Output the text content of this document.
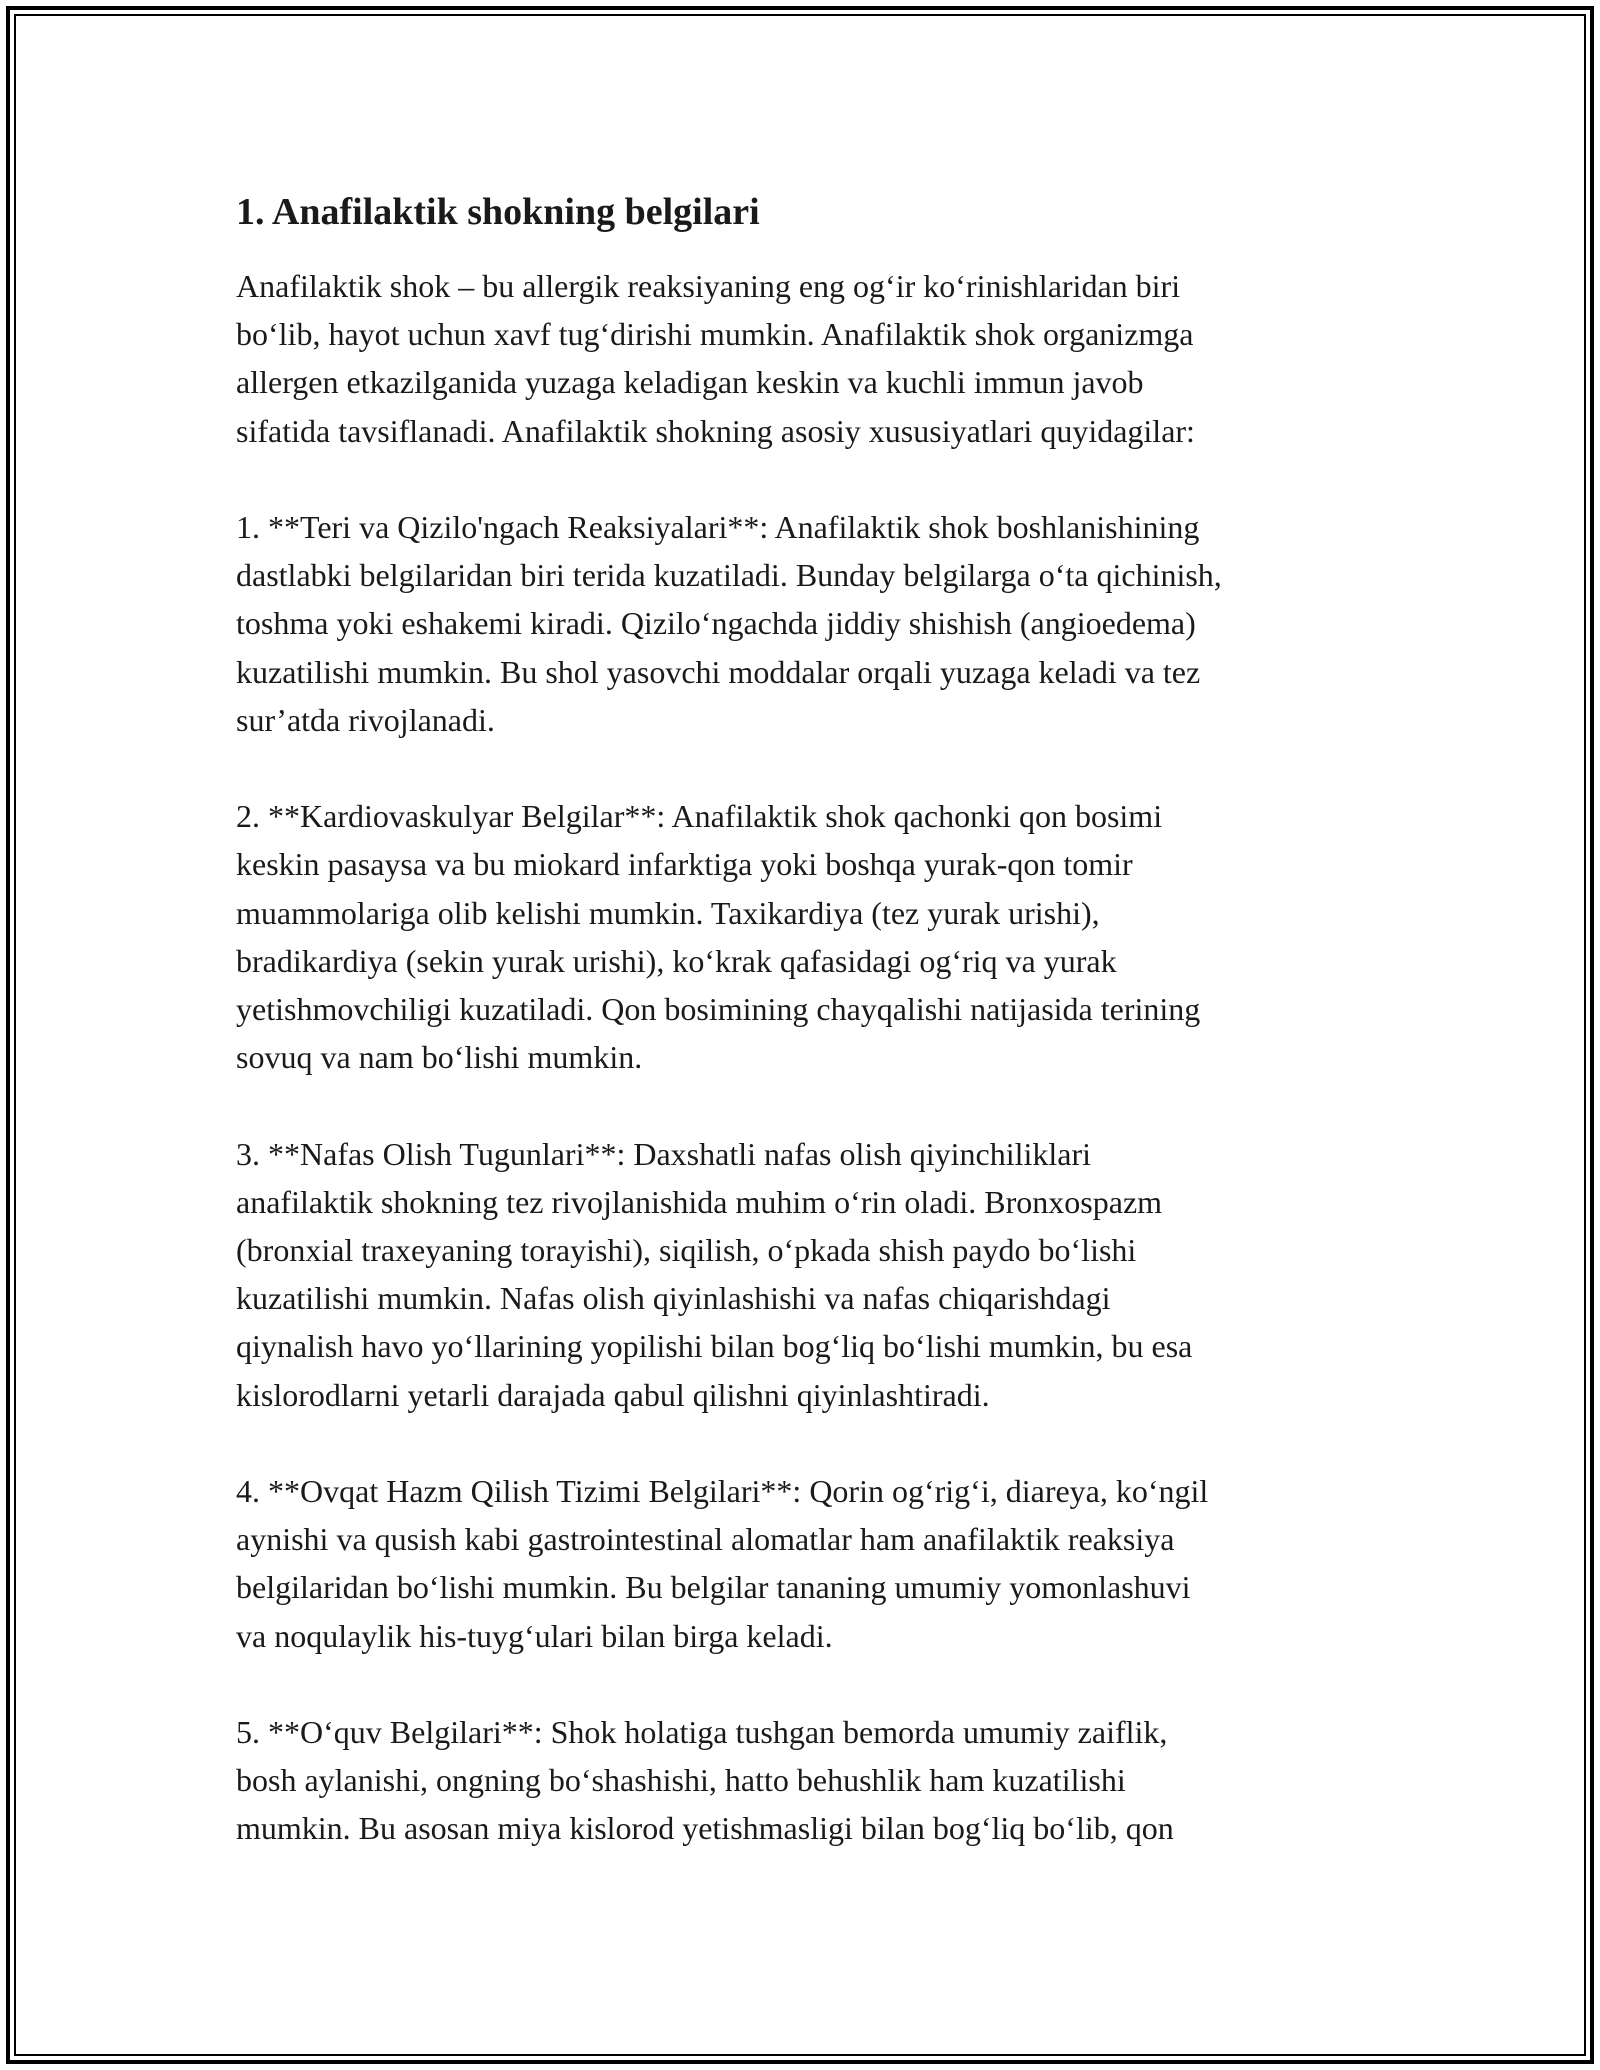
1. Anafilaktik shokning belgilari

Anafilaktik shok – bu allergik reaksiyaning eng og‘ir ko‘rinishlaridan biri
bo‘lib, hayot uchun xavf tug‘dirishi mumkin. Anafilaktik shok organizmga
allergen etkazilganida yuzaga keladigan keskin va kuchli immun javob
sifatida tavsiflanadi. Anafilaktik shokning asosiy xususiyatlari quyidagilar:

1. **Teri va Qizilo'ngach Reaksiyalari**: Anafilaktik shok boshlanishining
dastlabki belgilaridan biri terida kuzatiladi. Bunday belgilarga o‘ta qichinish,
toshma yoki eshakemi kiradi. Qizilo‘ngachda jiddiy shishish (angioedema)
kuzatilishi mumkin. Bu shol yasovchi moddalar orqali yuzaga keladi va tez
sur’atda rivojlanadi.

2. **Kardiovaskulyar Belgilar**: Anafilaktik shok qachonki qon bosimi
keskin pasaysa va bu miokard infarktiga yoki boshqa yurak-qon tomir
muammolariga olib kelishi mumkin. Taxikardiya (tez yurak urishi),
bradikardiya (sekin yurak urishi), ko‘krak qafasidagi og‘riq va yurak
yetishmovchiligi kuzatiladi. Qon bosimining chayqalishi natijasida terining
sovuq va nam bo‘lishi mumkin.

3. **Nafas Olish Tugunlari**: Daxshatli nafas olish qiyinchiliklari
anafilaktik shokning tez rivojlanishida muhim o‘rin oladi. Bronxospazm
(bronxial traxeyaning torayishi), siqilish, o‘pkada shish paydo bo‘lishi
kuzatilishi mumkin. Nafas olish qiyinlashishi va nafas chiqarishdagi
qiynalish havo yo‘llarining yopilishi bilan bog‘liq bo‘lishi mumkin, bu esa
kislorodlarni yetarli darajada qabul qilishni qiyinlashtiradi.

4. **Ovqat Hazm Qilish Tizimi Belgilari**: Qorin og‘rig‘i, diareya, ko‘ngil
aynishi va qusish kabi gastrointestinal alomatlar ham anafilaktik reaksiya
belgilaridan bo‘lishi mumkin. Bu belgilar tananing umumiy yomonlashuvi
va noqulaylik his-tuyg‘ulari bilan birga keladi.

5. **O‘quv Belgilari**: Shok holatiga tushgan bemorda umumiy zaiflik,
bosh aylanishi, ongning bo‘shashishi, hatto behushlik ham kuzatilishi
mumkin. Bu asosan miya kislorod yetishmasligi bilan bog‘liq bo‘lib, qon
